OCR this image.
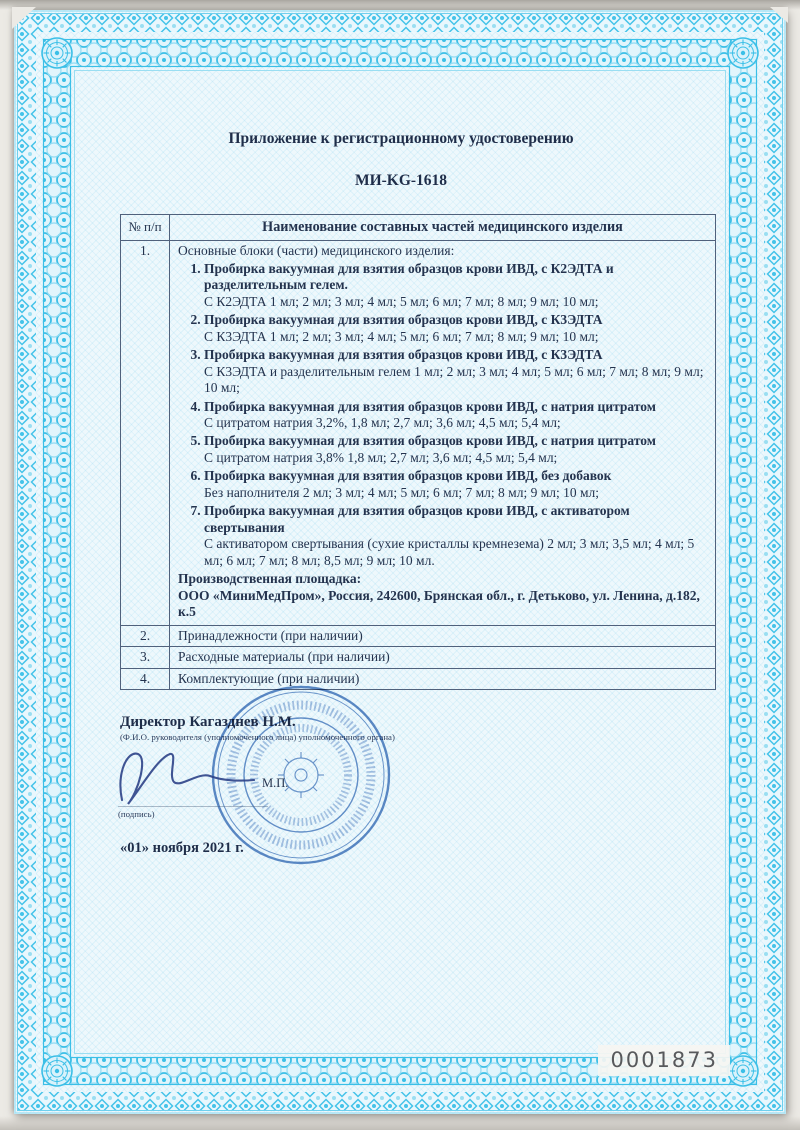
Приложение к регистрационному удостоверению
МИ-KG-1618
№ п/п	Наименование составных частей медицинского изделия
1.	Основные блоки (части) медицинского изделия:

1. Пробирка вакуумная для взятия образцов крови ИВД, с К2ЭДТА и разделительным гелем.
С К2ЭДТА 1 мл; 2 мл; 3 мл; 4 мл; 5 мл; 6 мл; 7 мл; 8 мл; 9 мл; 10 мл;
2. Пробирка вакуумная для взятия образцов крови ИВД, с К3ЭДТА
С К3ЭДТА 1 мл; 2 мл; 3 мл; 4 мл; 5 мл; 6 мл; 7 мл; 8 мл; 9 мл; 10 мл;
3. Пробирка вакуумная для взятия образцов крови ИВД, с К3ЭДТА
С К3ЭДТА и разделительным гелем 1 мл; 2 мл; 3 мл; 4 мл; 5 мл; 6 мл; 7 мл; 8 мл; 9 мл; 10 мл;
4. Пробирка вакуумная для взятия образцов крови ИВД, с натрия цитратом
С цитратом натрия 3,2%, 1,8 мл; 2,7 мл; 3,6 мл; 4,5 мл; 5,4 мл;
5. Пробирка вакуумная для взятия образцов крови ИВД, с натрия цитратом
С цитратом натрия 3,8% 1,8 мл; 2,7 мл; 3,6 мл; 4,5 мл; 5,4 мл;
6. Пробирка вакуумная для взятия образцов крови ИВД, без добавок
Без наполнителя 2 мл; 3 мл; 4 мл; 5 мл; 6 мл; 7 мл; 8 мл; 9 мл; 10 мл;
7. Пробирка вакуумная для взятия образцов крови ИВД, с активатором свертывания
С активатором свертывания (сухие кристаллы кремнезема) 2 мл; 3 мл; 3,5 мл; 4 мл; 5 мл; 6 мл; 7 мл; 8 мл; 8,5 мл; 9 мл; 10 мл.
Производственная площадка:
ООО «МиниМедПром», Россия, 242600, Брянская обл., г. Детьково, ул. Ленина, д.182, к.5

2.	Принадлежности (при наличии)
3.	Расходные материалы (при наличии)
4.	Комплектующие (при наличии)
Директор Кагазднев Н.М.
(Ф.И.О. руководителя (уполномоченного лица) уполномоченного органа)
М.П.
(подпись)
«01» ноября 2021 г.
0001873
